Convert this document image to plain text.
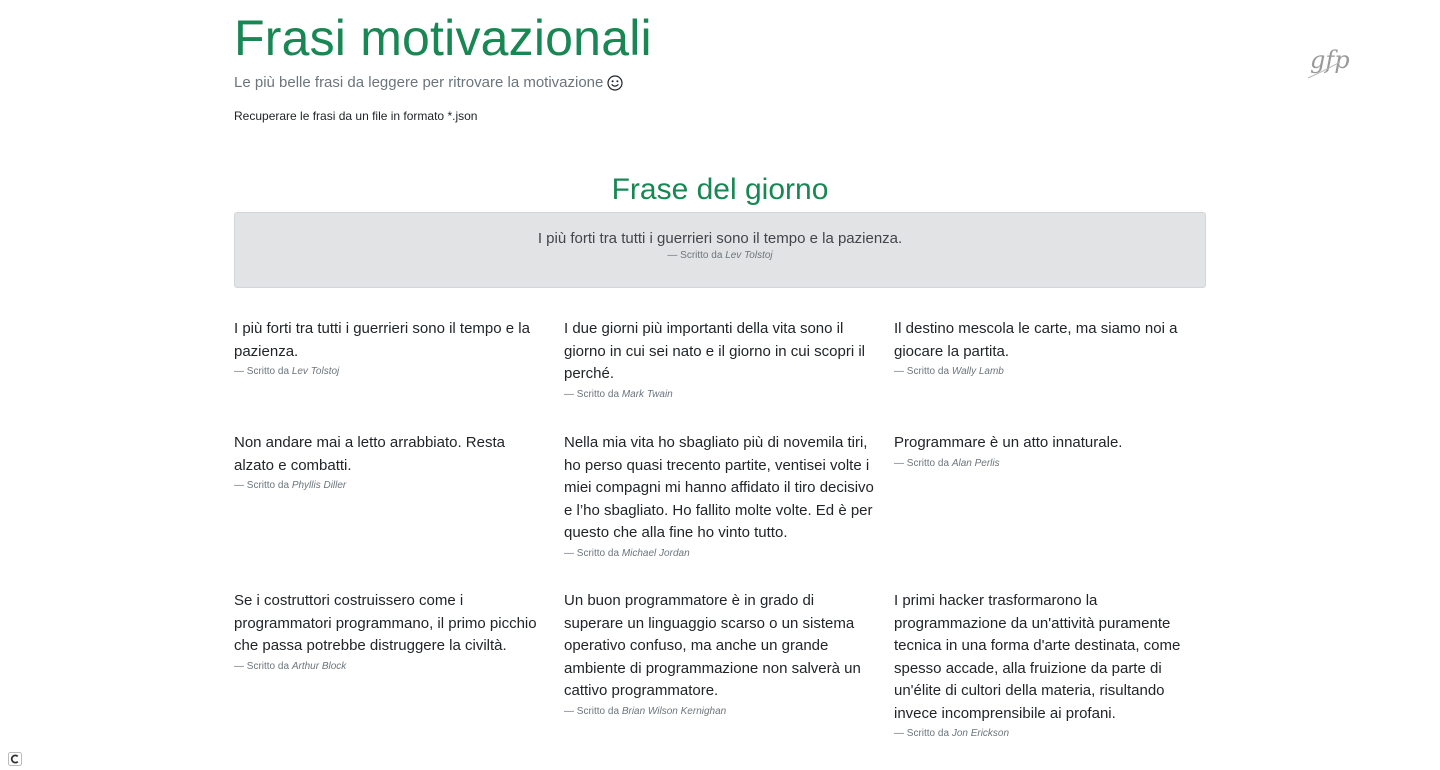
Frasi motivazionali
Le più belle frasi da leggere per ritrovare la motivazione
Recuperare le frasi da un file in formato *.json
Frase del giorno
I più forti tra tutti i guerrieri sono il tempo e la pazienza.
— Scritto da Lev Tolstoj

I più forti tra tutti i guerrieri sono il tempo e la pazienza.

— Scritto da Lev Tolstoj

I due giorni più importanti della vita sono il giorno in cui sei nato e il giorno in cui scopri il perché.

— Scritto da Mark Twain

Il destino mescola le carte, ma siamo noi a giocare la partita.

— Scritto da Wally Lamb

Non andare mai a letto arrabbiato. Resta alzato e combatti.

— Scritto da Phyllis Diller

Nella mia vita ho sbagliato più di novemila tiri, ho perso quasi trecento partite, ventisei volte i miei compagni mi hanno affidato il tiro decisivo e l’ho sbagliato. Ho fallito molte volte. Ed è per questo che alla fine ho vinto tutto.

— Scritto da Michael Jordan

Programmare è un atto innaturale.

— Scritto da Alan Perlis

Se i costruttori costruissero come i programmatori programmano, il primo picchio che passa potrebbe distruggere la civiltà.

— Scritto da Arthur Block

Un buon programmatore è in grado di superare un linguaggio scarso o un sistema operativo confuso, ma anche un grande ambiente di programmazione non salverà un cattivo programmatore.

— Scritto da Brian Wilson Kernighan

I primi hacker trasformarono la programmazione da un'attività puramente tecnica in una forma d'arte destinata, come spesso accade, alla fruizione da parte di un'élite di cultori della materia, risultando invece incomprensibile ai profani.

— Scritto da Jon Erickson
gfp
